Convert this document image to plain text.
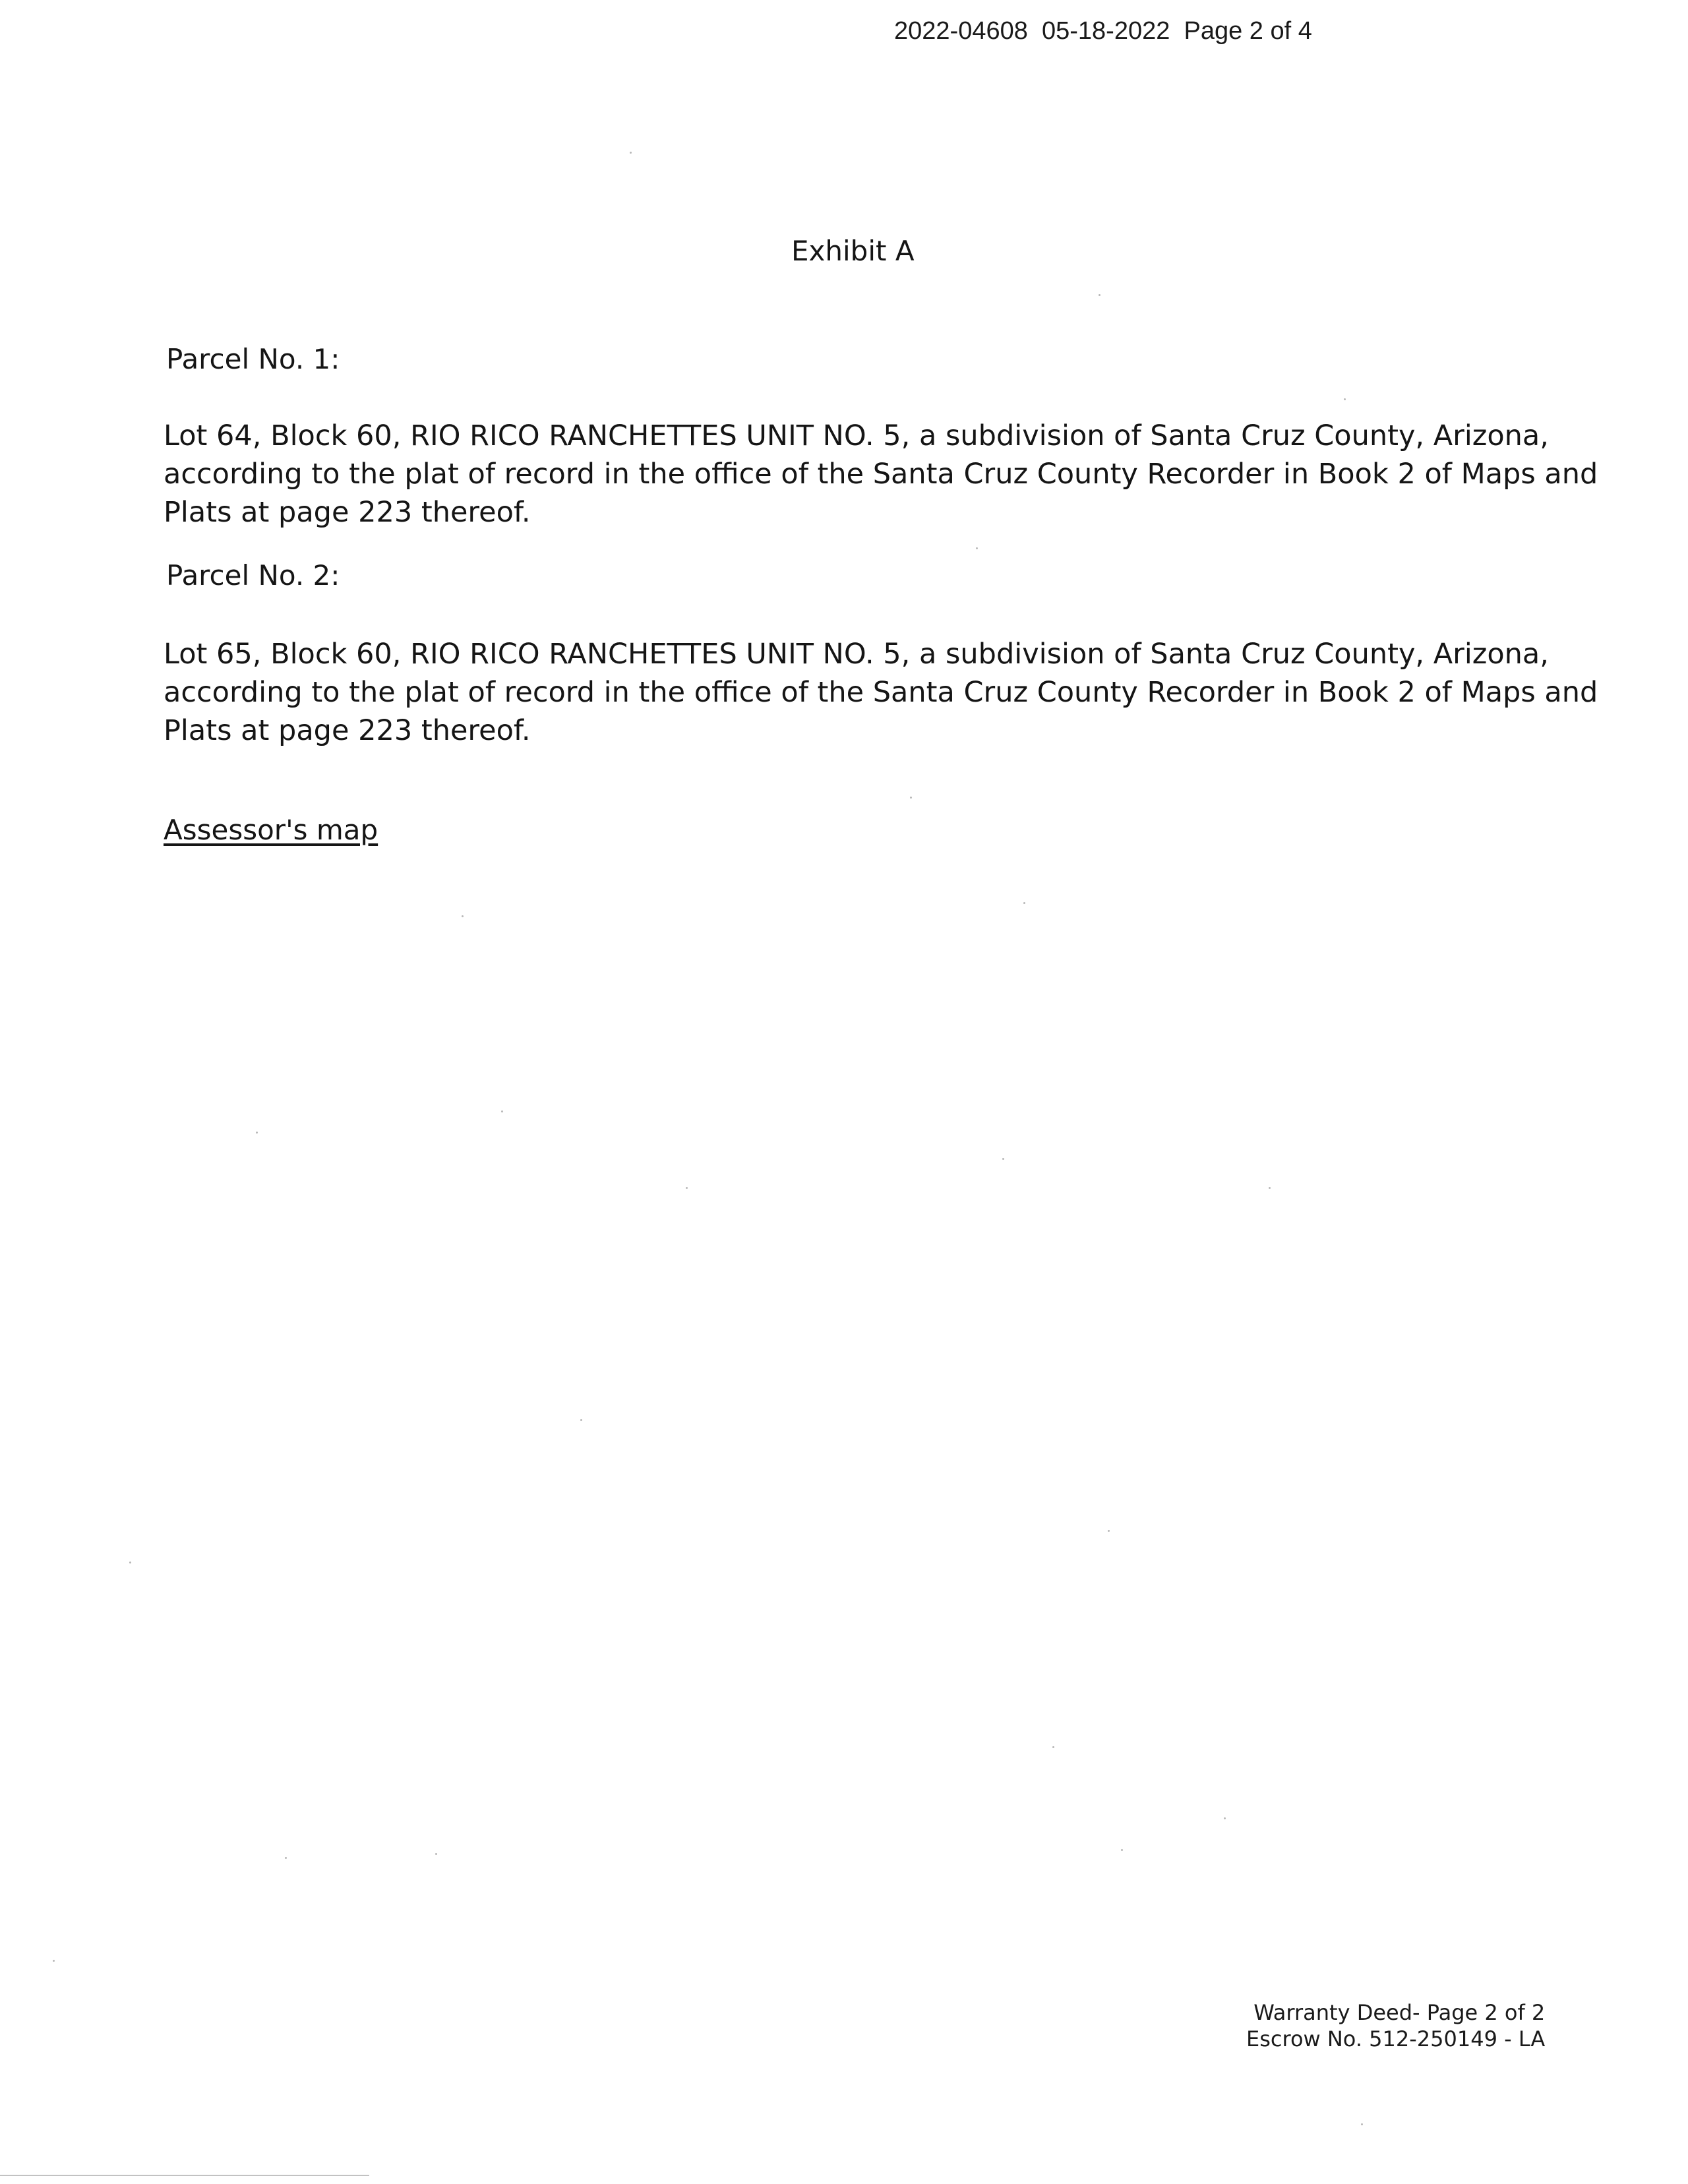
2022-04608  05-18-2022  Page 2 of 4
Exhibit A
Parcel No. 1:
Lot 64, Block 60, RIO RICO RANCHETTES UNIT NO. 5, a subdivision of Santa Cruz County, Arizona,
according to the plat of record in the office of the Santa Cruz County Recorder in Book 2 of Maps and
Plats at page 223 thereof.
Parcel No. 2:
Lot 65, Block 60, RIO RICO RANCHETTES UNIT NO. 5, a subdivision of Santa Cruz County, Arizona,
according to the plat of record in the office of the Santa Cruz County Recorder in Book 2 of Maps and
Plats at page 223 thereof.
Assessor's map
Warranty Deed- Page 2 of 2
Escrow No. 512-250149 - LA
